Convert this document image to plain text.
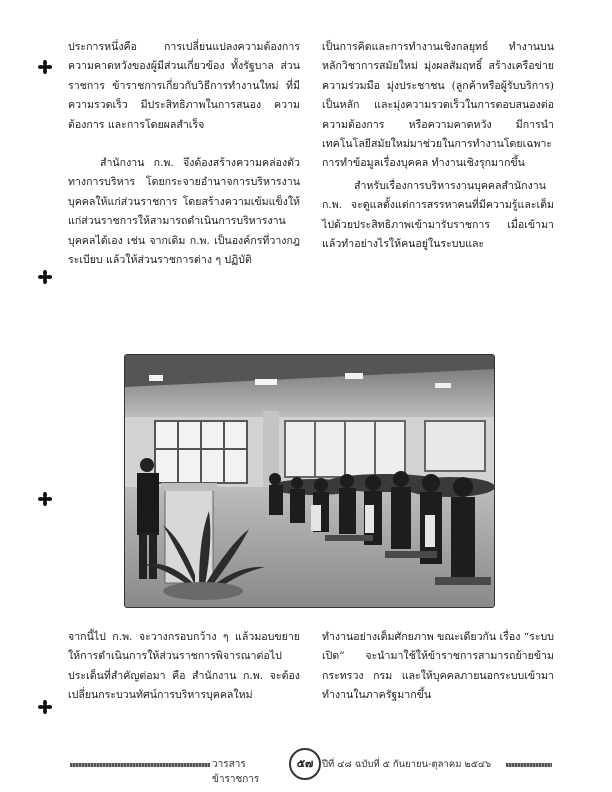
ประการหนึ่งคือ การเปลี่ยนแปลงความต้องการ ความคาดหวังของผู้มีส่วนเกี่ยวข้อง ทั้งรัฐบาล ส่วนราชการ ข้าราชการเกี่ยวกับวิธีการทำงานใหม่ ที่มีความรวดเร็ว มีประสิทธิภาพในการสนอง ความต้องการ และการโดยผลสำเร็จ

สำนักงาน ก.พ. จึงต้องสร้างความคล่องตัวทางการบริหาร โดยกระจายอำนาจการบริหารงานบุคคลให้แก่ส่วนราชการ โดยสร้างความเข้มแข็งให้แก่ส่วนราชการให้สามารถดำเนินการบริหารงานบุคคลได้เอง เช่น จากเดิม ก.พ. เป็นองค์กรที่วางกฎ ระเบียบ แล้วให้ส่วนราชการต่าง ๆ ปฏิบัติ

เป็นการคิดและการทำงานเชิงกลยุทธ์ ทำงานบนหลักวิชาการสมัยใหม่ มุ่งผลสัมฤทธิ์ สร้างเครือข่ายความร่วมมือ มุ่งประชาชน (ลูกค้าหรือผู้รับบริการ) เป็นหลัก และมุ่งความรวดเร็วในการตอบสนองต่อความต้องการ หรือความคาดหวัง มีการนำเทคโนโลยีสมัยใหม่มาช่วยในการทำงานโดยเฉพาะการทำข้อมูลเรื่องบุคคล ทำงานเชิงรุกมากขึ้น

สำหรับเรื่องการบริหารงานบุคคลสำนักงาน ก.พ. จะดูแลตั้งแต่การสรรหาคนที่มีความรู้และเต็มไปด้วยประสิทธิภาพเข้ามารับราชการ เมื่อเข้ามาแล้วทำอย่างไรให้คนอยู่ในระบบและ

จากนี้ไป ก.พ. จะวางกรอบกว้าง ๆ แล้วมอบขยายให้การดำเนินการให้ส่วนราชการพิจารณาต่อไป ประเด็นที่สำคัญต่อมา คือ สำนักงาน ก.พ. จะต้องเปลี่ยนกระบวนทัศน์การบริหารบุคคลใหม่

ทำงานอย่างเต็มศักยภาพ ขณะเดียวกัน เรื่อง “ระบบเปิด” จะนำมาใช้ให้ข้าราชการสามารถย้ายข้ามกระทรวง กรม และให้บุคคลภายนอกระบบเข้ามาทำงานในภาครัฐมากขึ้น

วารสารข้าราชการ
๕๗ ปีที่ ๔๘ ฉบับที่ ๕ กันยายน-ตุลาคม ๒๕๔๖
